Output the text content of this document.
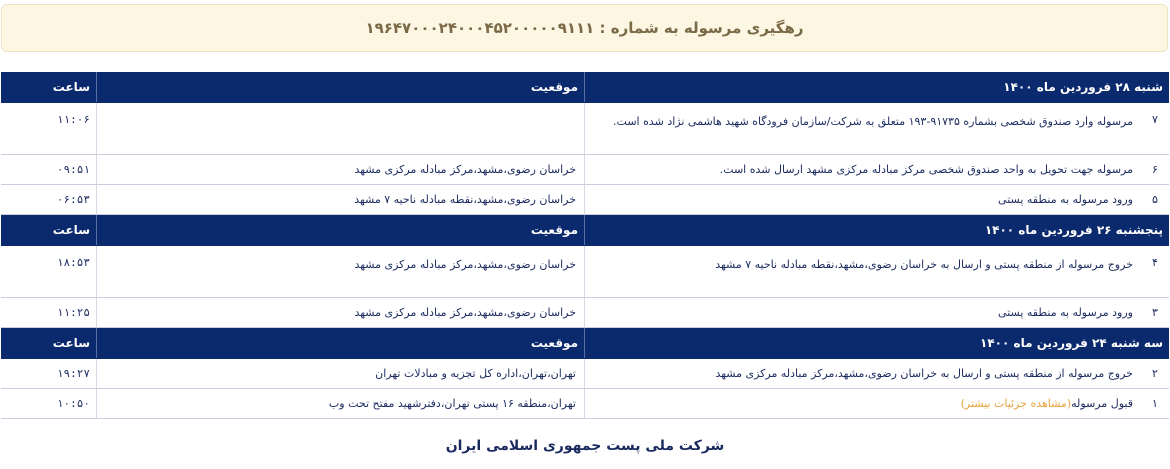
رهگیری مرسوله به شماره : ۱۹۶۴۷۰۰۰۲۴۰۰۰۴۵۲۰۰۰۰۰۹۱۱۱
شنبه ۲۸ فروردین ماه ۱۴۰۰
موقعیت
ساعت
۷
مرسوله وارد صندوق شخصی بشماره ۹۱۷۳۵-۱۹۳ متعلق به شرکت/سازمان فرودگاه شهید هاشمی نژاد شده است.
۱۱:۰۶
۶
مرسوله جهت تحویل به واحد صندوق شخصی مرکز مبادله مرکزی مشهد ارسال شده است.
خراسان رضوی،مشهد،مرکز مبادله مرکزی مشهد
۰۹:۵۱
۵
ورود مرسوله به منطقه پستی
خراسان رضوی،مشهد،نقطه مبادله ناحیه ۷ مشهد
۰۶:۵۳
پنجشنبه ۲۶ فروردین ماه ۱۴۰۰
موقعیت
ساعت
۴
خروج مرسوله از منطقه پستی و ارسال به خراسان رضوی،مشهد،نقطه مبادله ناحیه ۷ مشهد
خراسان رضوی،مشهد،مرکز مبادله مرکزی مشهد
۱۸:۵۳
۳
ورود مرسوله به منطقه پستی
خراسان رضوی،مشهد،مرکز مبادله مرکزی مشهد
۱۱:۲۵
سه شنبه ۲۴ فروردین ماه ۱۴۰۰
موقعیت
ساعت
۲
خروج مرسوله از منطقه پستی و ارسال به خراسان رضوی،مشهد،مرکز مبادله مرکزی مشهد
تهران،تهران،اداره کل تجزیه و مبادلات تهران
۱۹:۲۷
۱
قبول مرسوله(مشاهده جزئیات بیشتر)
تهران،منطقه ۱۶ پستی تهران،دفترشهید مفتح تحت وب
۱۰:۵۰
شرکت ملی پست جمهوری اسلامی ایران
